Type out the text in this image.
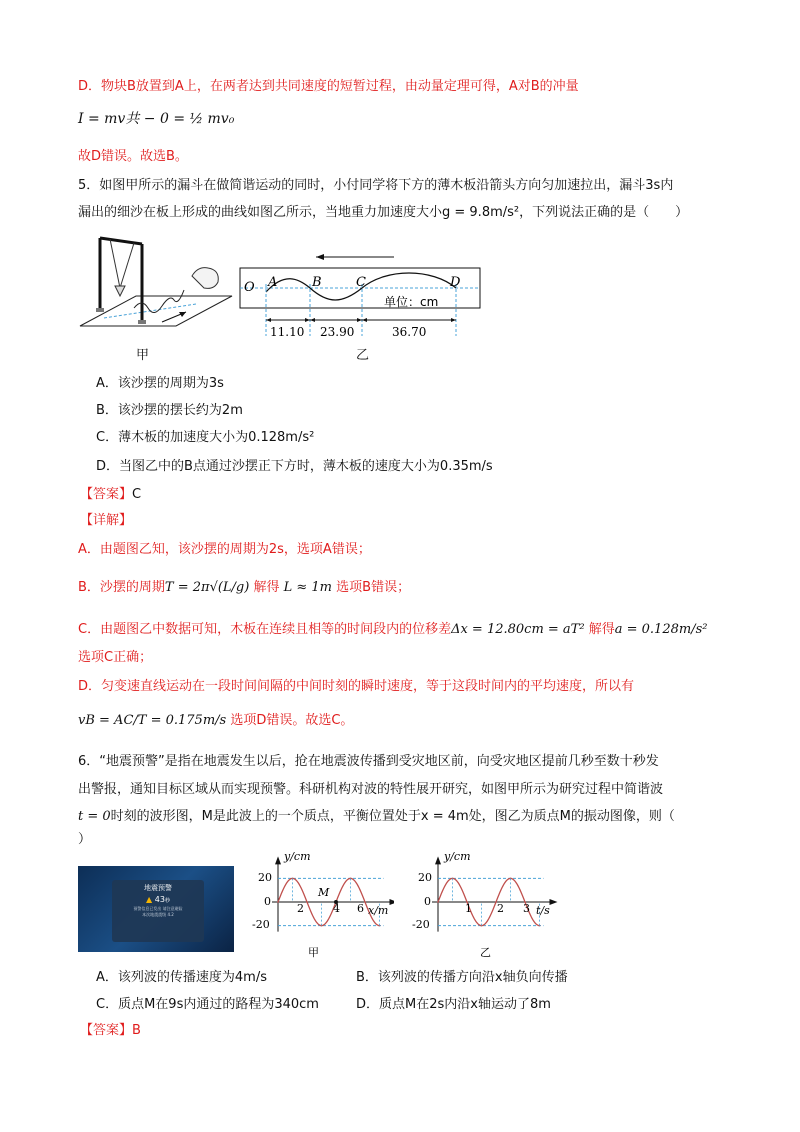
D．物块B放置到A上，在两者达到共同速度的短暂过程，由动量定理可得，A对B的冲量
I = mv共 − 0 = ½ mv₀
故D错误。故选B。
5．如图甲所示的漏斗在做简谐运动的同时，小付同学将下方的薄木板沿箭头方向匀加速拉出，漏斗3s内
漏出的细沙在板上形成的曲线如图乙所示，当地重力加速度大小g = 9.8m/s²，下列说法正确的是（　　）
甲
O A	B	C	D
单位：cm
11.10 23.90	36.70
乙
A．该沙摆的周期为3s
B．该沙摆的摆长约为2m
C．薄木板的加速度大小为0.128m/s²
D．当图乙中的B点通过沙摆正下方时，薄木板的速度大小为0.35m/s
【答案】C
【详解】
A．由题图乙知，该沙摆的周期为2s，选项A错误；
B．沙摆的周期T = 2π√(L/g) 解得 L ≈ 1m 选项B错误；
C．由题图乙中数据可知，木板在连续且相等的时间段内的位移差Δx = 12.80cm = aT² 解得a = 0.128m/s²
选项C正确；
D．匀变速直线运动在一段时间间隔的中间时刻的瞬时速度，等于这段时间内的平均速度，所以有
vB = AC/T = 0.175m/s 选项D错误。故选C。
6．“地震预警”是指在地震发生以后，抢在地震波传播到受灾地区前，向受灾地区提前几秒至数十秒发
出警报，通知目标区域从而实现预警。科研机构对波的特性展开研究，如图甲所示为研究过程中简谐波
t = 0时刻的波形图，M是此波上的一个质点，平衡位置处于x = 4m处，图乙为质点M的振动图像，则（
）
地震预警
▲ 43秒
预警信息已发出 请注意避险
本次地震震级 4.2
y/cm
x/m
20
0
-20
2	4 6
M
甲
y/cm
t/s
20
0
-20
1 2 3
乙
A．该列波的传播速度为4m/s	B．该列波的传播方向沿x轴负向传播
C．质点M在9s内通过的路程为340cm	D．质点M在2s内沿x轴运动了8m
【答案】B
